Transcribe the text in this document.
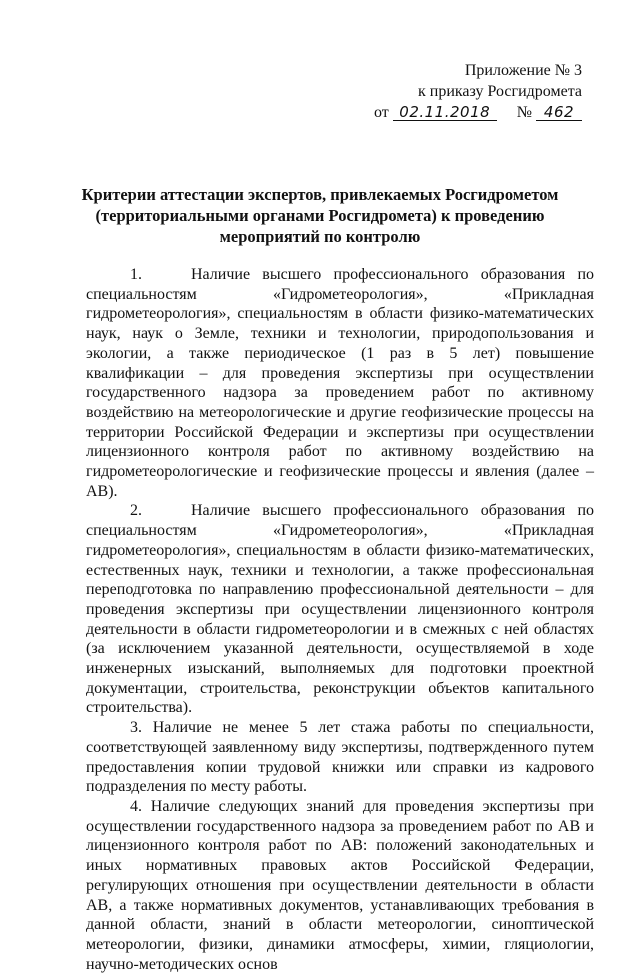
Приложение № 3
к приказу Росгидромета
от 02.11.2018 № 462
Критерии аттестации экспертов, привлекаемых Росгидрометом
(территориальными органами Росгидромета) к проведению
мероприятий по контролю

1.    Наличие высшего профессионального образования по специальностям «Гидрометеорология», «Прикладная гидрометеорология», специальностям в области физико-математических наук, наук о Земле, техники и технологии, природопользования и экологии, а также периодическое (1 раз в 5 лет) повышение квалификации – для проведения экспертизы при осуществлении государственного надзора за проведением работ по активному воздействию на метеорологические и другие геофизические процессы на территории Российской Федерации и экспертизы при осуществлении лицензионного контроля работ по активному воздействию на гидрометеорологические и геофизические процессы и явления (далее – АВ).

2.    Наличие высшего профессионального образования по специальностям «Гидрометеорология», «Прикладная гидрометеорология», специальностям в области физико-математических, естественных наук, техники и технологии, а также профессиональная переподготовка по направлению профессиональной деятельности – для проведения экспертизы при осуществлении лицензионного контроля деятельности в области гидрометеорологии и в смежных с ней областях (за исключением указанной деятельности, осуществляемой в ходе инженерных изысканий, выполняемых для подготовки проектной документации, строительства, реконструкции объектов капитального строительства).

3. Наличие не менее 5 лет стажа работы по специальности, соответствующей заявленному виду экспертизы, подтвержденного путем предоставления копии трудовой книжки или справки из кадрового подразделения по месту работы.

4. Наличие следующих знаний для проведения экспертизы при осуществлении государственного надзора за проведением работ по АВ и лицензионного контроля работ по АВ: положений законодательных и иных нормативных правовых актов Российской Федерации, регулирующих отношения при осуществлении деятельности в области АВ, а также нормативных документов, устанавливающих требования в данной области, знаний в области метеорологии, синоптической метеорологии, физики, динамики атмосферы, химии, гляциологии, научно-методических основ
